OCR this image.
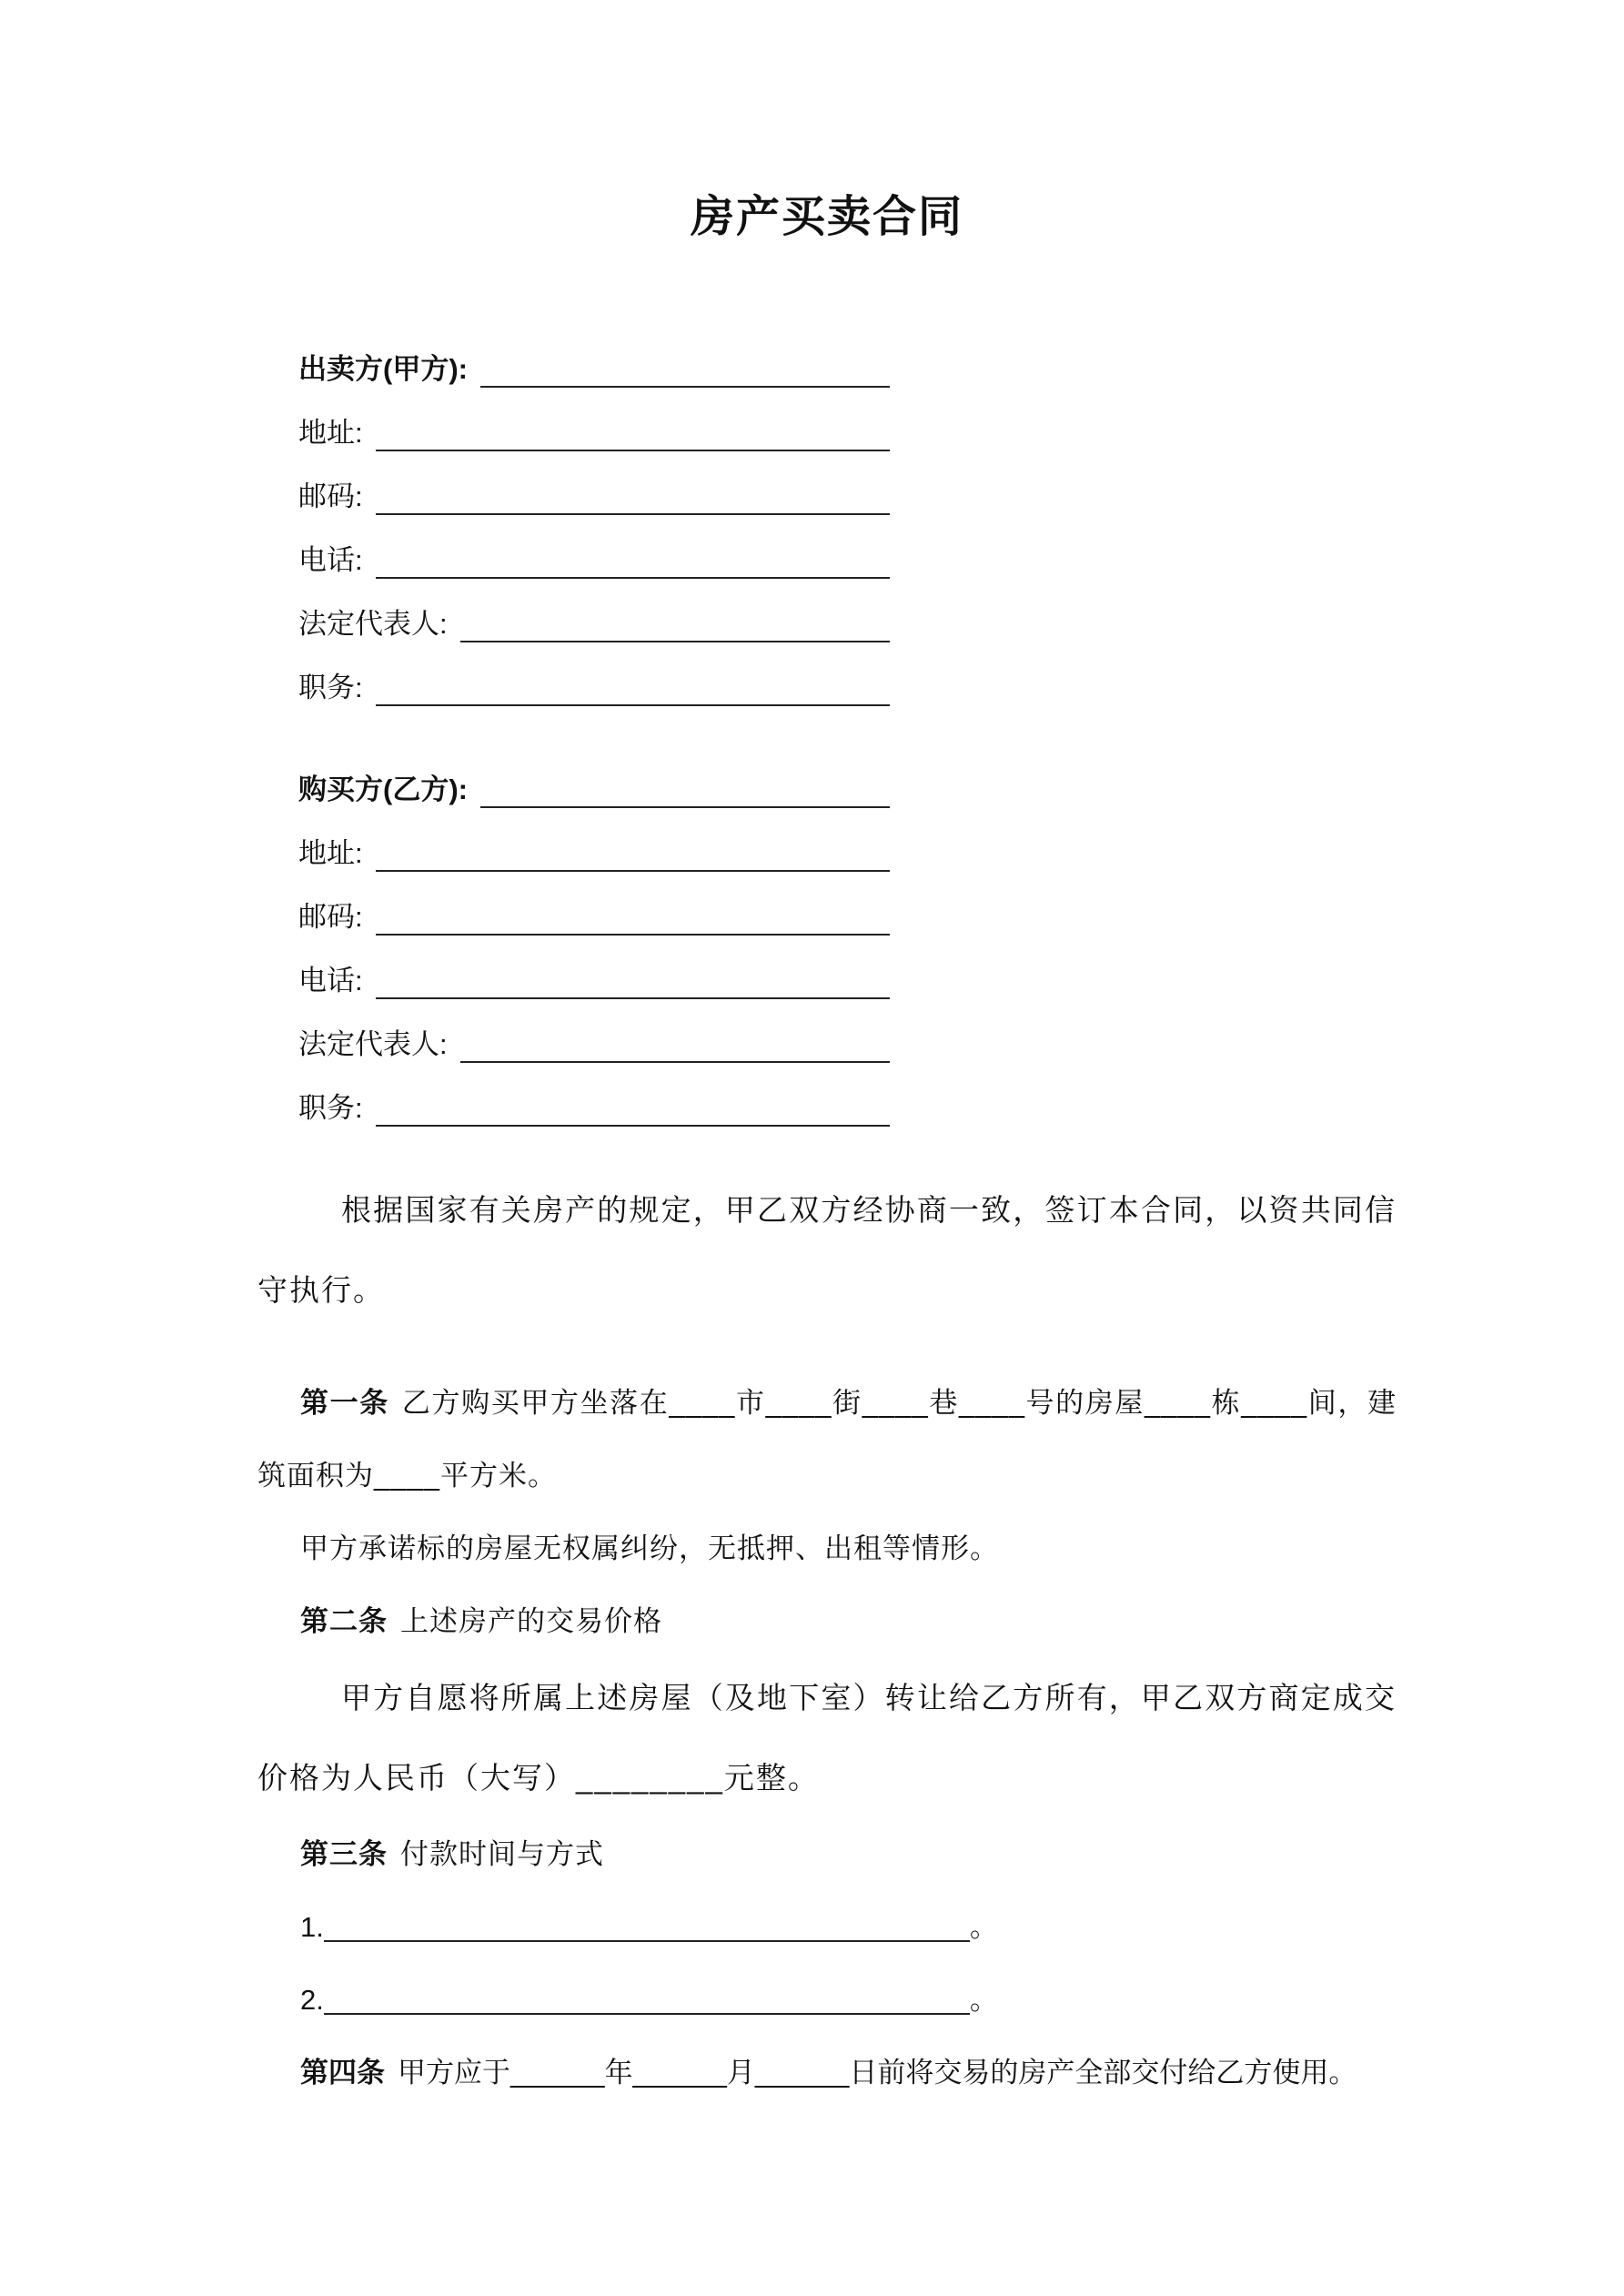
房产买卖合同
出卖方(甲方):
地址:
邮码:
电话:
法定代表人:
职务:
购买方(乙方):
地址:
邮码:
电话:
法定代表人:
职务:

根据国家有关房产的规定，甲乙双方经协商一致，签订本合同，以资共同信守执行。

第一条 乙方购买甲方坐落在____市____街____巷____号的房屋____栋____间，建筑面积为____平方米。

甲方承诺标的房屋无权属纠纷，无抵押、出租等情形。

第二条 上述房产的交易价格

甲方自愿将所属上述房屋（及地下室）转让给乙方所有，甲乙双方商定成交价格为人民币（大写）________元整。

第三条 付款时间与方式

1.	。

2.	。

第四条 甲方应于______年______月______日前将交易的房产全部交付给乙方使用。
